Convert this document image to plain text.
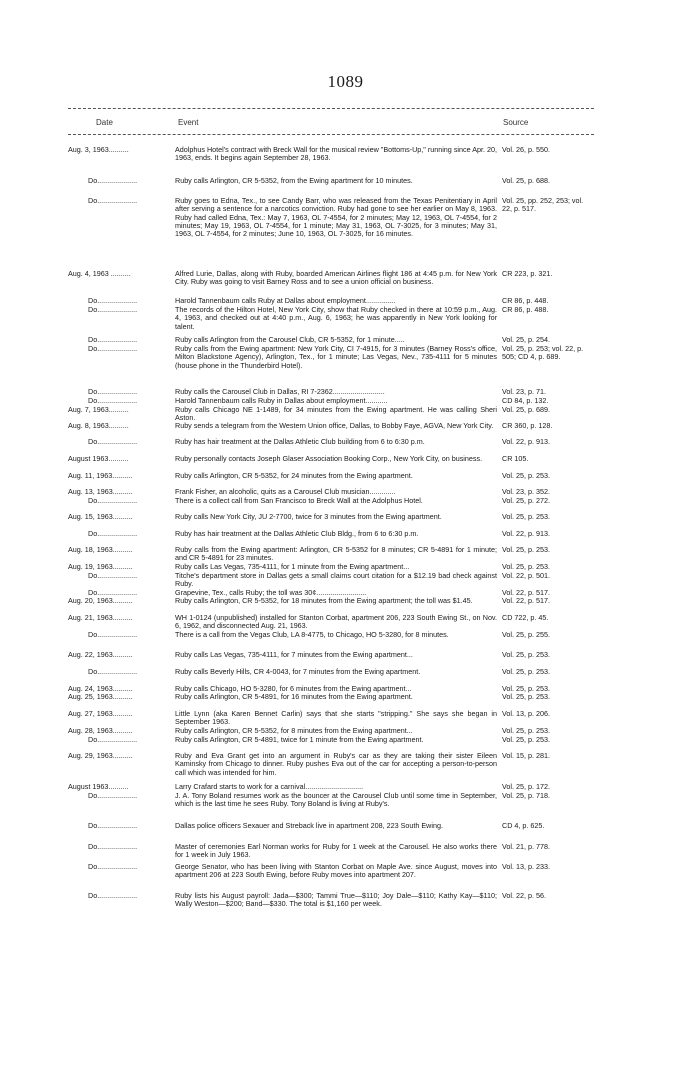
1089
Date	Event	Source
Aug. 3, 1963..........	Adolphus Hotel's contract with Breck Wall for the musical review "Bottoms-Up," running since Apr. 20, 1963, ends. It begins again September 28, 1963.
Vol. 26, p. 550.
Do....................	Ruby calls Arlington, CR 5-5352, from the Ewing apartment for 10 minutes.	Vol. 25, p. 688.
Do....................	Ruby goes to Edna, Tex., to see Candy Barr, who was released from the Texas Penitentiary in April after serving a sentence for a narcotics conviction. Ruby had gone to see her earlier on May 8, 1963. Ruby had called Edna, Tex.: May 7, 1963, OL 7-4554, for 2 minutes; May 12, 1963, OL 7-4554, for 2 minutes; May 19, 1963, OL 7-4554, for 1 minute; May 31, 1963, OL 7-3025, for 3 minutes; May 31, 1963, OL 7-4554, for 2 minutes; June 10, 1963, OL 7-3025, for 16 minutes.
Vol. 25, pp. 252, 253; vol. 22, p. 517.
Aug. 4, 1963 ..........	Alfred Lurie, Dallas, along with Ruby, boarded American Airlines flight 186 at 4:45 p.m. for New York City. Ruby was going to visit Barney Ross and to see a union official on business.
CR 223, p. 321.
Do....................	Harold Tannenbaum calls Ruby at Dallas about employment...............	CR 86, p. 448.
Do....................	The records of the Hilton Hotel, New York City, show that Ruby checked in there at 10:59 p.m., Aug. 4, 1963, and checked out at 4:40 p.m., Aug. 6, 1963; he was apparently in New York looking for talent.
CR 86, p. 488.
Do....................	Ruby calls Arlington from the Carousel Club, CR 5-5352, for 1 minute.....	Vol. 25, p. 254.
Do....................	Ruby calls from the Ewing apartment: New York City, CI 7-4915, for 3 minutes (Barney Ross's office, Milton Blackstone Agency), Arlington, Tex., for 1 minute; Las Vegas, Nev., 735-4111 for 5 minutes (house phone in the Thunderbird Hotel).
Vol. 25, p. 253; vol. 22, p. 505; CD 4, p. 689.
Do....................	Ruby calls the Carousel Club in Dallas, RI 7-2362..........................	Vol. 23, p. 71.
Do....................	Harold Tannenbaum calls Ruby in Dallas about employment...........	CD 84, p. 132.
Aug. 7, 1963..........	Ruby calls Chicago NE 1-1489, for 34 minutes from the Ewing apartment. He was calling Sheri Aston.
Vol. 25, p. 689.
Aug. 8, 1963..........	Ruby sends a telegram from the Western Union office, Dallas, to Bobby Faye, AGVA, New York City.	CR 360, p. 128.
Do....................	Ruby has hair treatment at the Dallas Athletic Club building from 6 to 6:30 p.m.	Vol. 22, p. 913.
August 1963..........	Ruby personally contacts Joseph Glaser Association Booking Corp., New York City, on business.	CR 105.
Aug. 11, 1963..........	Ruby calls Arlington, CR 5-5352, for 24 minutes from the Ewing apartment.	Vol. 25, p. 253.
Aug. 13, 1963..........	Frank Fisher, an alcoholic, quits as a Carousel Club musician.............	Vol. 23, p. 352.
Do....................	There is a collect call from San Francisco to Breck Wall at the Adolphus Hotel.	Vol. 25, p. 272.
Aug. 15, 1963..........	Ruby calls New York City, JU 2-7700, twice for 3 minutes from the Ewing apartment.	Vol. 25, p. 253.
Do....................	Ruby has hair treatment at the Dallas Athletic Club Bldg., from 6 to 6:30 p.m.	Vol. 22, p. 913.
Aug. 18, 1963..........	Ruby calls from the Ewing apartment: Arlington, CR 5-5352 for 8 minutes; CR 5-4891 for 1 minute; and CR 5-4891 for 23 minutes.
Vol. 25, p. 253.
Aug. 19, 1963..........	Ruby calls Las Vegas, 735-4111, for 1 minute from the Ewing apartment...	Vol. 25, p. 253.
Do....................	Titche's department store in Dallas gets a small claims court citation for a $12.19 bad check against Ruby.
Vol. 22, p. 501.
Do....................	Grapevine, Tex., calls Ruby; the toll was 30¢.........................	Vol. 22, p. 517.
Aug. 20, 1963..........	Ruby calls Arlington, CR 5-5352, for 18 minutes from the Ewing apartment; the toll was $1.45.	Vol. 22, p. 517.
Aug. 21, 1963..........	WH 1-0124 (unpublished) installed for Stanton Corbat, apartment 206, 223 South Ewing St., on Nov. 6, 1962, and disconnected Aug. 21, 1963.
CD 722, p. 45.
Do....................	There is a call from the Vegas Club, LA 8-4775, to Chicago, HO 5-3280, for 8 minutes.	Vol. 25, p. 255.
Aug. 22, 1963..........	Ruby calls Las Vegas, 735-4111, for 7 minutes from the Ewing apartment...	Vol. 25, p. 253.
Do....................	Ruby calls Beverly Hills, CR 4-0043, for 7 minutes from the Ewing apartment.	Vol. 25, p. 253.
Aug. 24, 1963..........	Ruby calls Chicago, HO 5-3280, for 6 minutes from the Ewing apartment...	Vol. 25, p. 253.
Aug. 25, 1963..........	Ruby calls Arlington, CR 5-4891, for 16 minutes from the Ewing apartment.	Vol. 25, p. 253.
Aug. 27, 1963..........	Little Lynn (aka Karen Bennet Carlin) says that she starts "stripping." She says she began in September 1963.
Vol. 13, p. 206.
Aug. 28, 1963..........	Ruby calls Arlington, CR 5-5352, for 8 minutes from the Ewing apartment...	Vol. 25, p. 253.
Do....................	Ruby calls Arlington, CR 5-4891, twice for 1 minute from the Ewing apartment.	Vol. 25, p. 253.
Aug. 29, 1963..........	Ruby and Eva Grant get into an argument in Ruby's car as they are taking their sister Eileen Kaminsky from Chicago to dinner. Ruby pushes Eva out of the car for accepting a person-to-person call which was intended for him.
Vol. 15, p. 281.
August 1963..........	Larry Crafard starts to work for a carnival.............................	Vol. 25, p. 172.
Do....................	J. A. Tony Boland resumes work as the bouncer at the Carousel Club until some time in September, which is the last time he sees Ruby. Tony Boland is living at Ruby's.
Vol. 25, p. 718.
Do....................	Dallas police officers Sexauer and Streback live in apartment 208, 223 South Ewing.	CD 4, p. 625.
Do....................	Master of ceremonies Earl Norman works for Ruby for 1 week at the Carousel. He also works there for 1 week in July 1963.
Vol. 21, p. 778.
Do....................	George Senator, who has been living with Stanton Corbat on Maple Ave. since August, moves into apartment 206 at 223 South Ewing, before Ruby moves into apartment 207.
Vol. 13, p. 233.
Do....................	Ruby lists his August payroll: Jada—$300; Tammi True—$110; Joy Dale—$110; Kathy Kay—$110; Wally Weston—$200; Band—$330. The total is $1,160 per week.
Vol. 22, p. 56.
